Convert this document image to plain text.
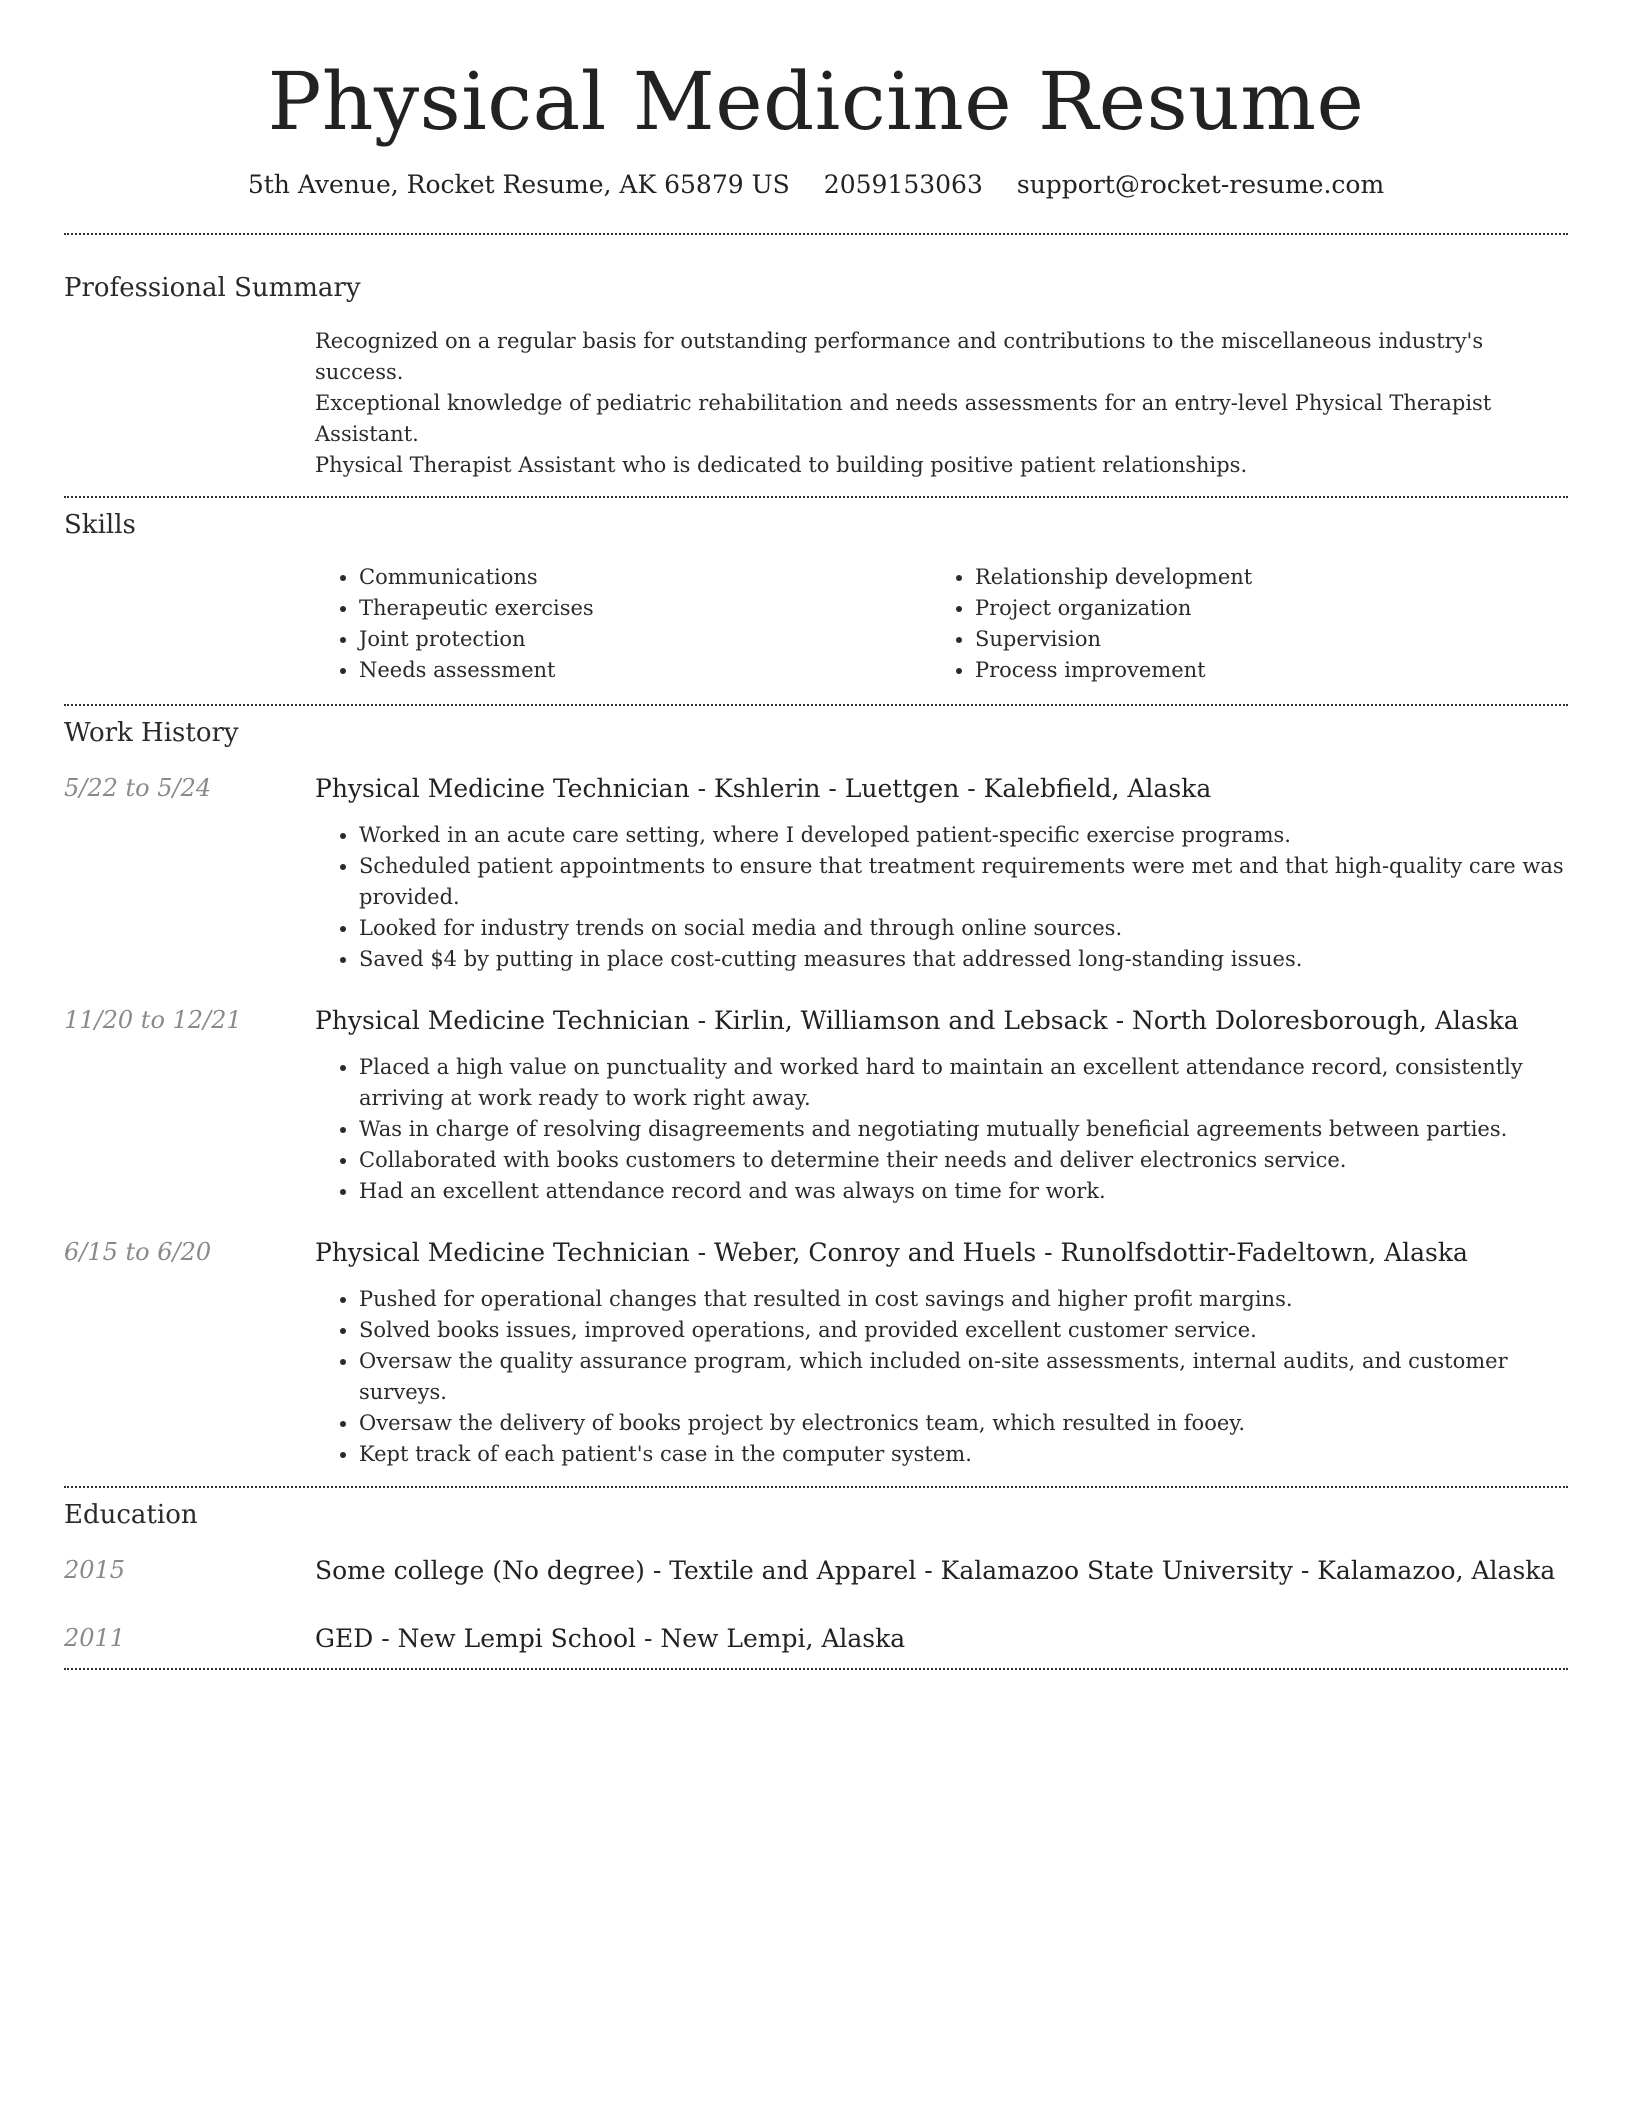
Physical Medicine Resume
5th Avenue, Rocket Resume, AK 65879 US 2059153063 support@rocket-resume.com
Professional Summary
Recognized on a regular basis for outstanding performance and contributions to the miscellaneous industry's success.
Exceptional knowledge of pediatric rehabilitation and needs assessments for an entry-level Physical Therapist Assistant.
Physical Therapist Assistant who is dedicated to building positive patient relationships.
Skills
• Communications
• Therapeutic exercises
• Joint protection
• Needs assessment
• Relationship development
• Project organization
• Supervision
• Process improvement
Work History
5/22 to 5/24	Physical Medicine Technician - Kshlerin - Luettgen - Kalebfield, Alaska
• Worked in an acute care setting, where I developed patient-specific exercise programs.
• Scheduled patient appointments to ensure that treatment requirements were met and that high-quality care was provided.
• Looked for industry trends on social media and through online sources.
• Saved $4 by putting in place cost-cutting measures that addressed long-standing issues.
11/20 to 12/21	Physical Medicine Technician - Kirlin, Williamson and Lebsack - North Doloresborough, Alaska
• Placed a high value on punctuality and worked hard to maintain an excellent attendance record, consistently arriving at work ready to work right away.
• Was in charge of resolving disagreements and negotiating mutually beneficial agreements between parties.
• Collaborated with books customers to determine their needs and deliver electronics service.
• Had an excellent attendance record and was always on time for work.
6/15 to 6/20	Physical Medicine Technician - Weber, Conroy and Huels - Runolfsdottir-Fadeltown, Alaska
• Pushed for operational changes that resulted in cost savings and higher profit margins.
• Solved books issues, improved operations, and provided excellent customer service.
• Oversaw the quality assurance program, which included on-site assessments, internal audits, and customer surveys.
• Oversaw the delivery of books project by electronics team, which resulted in fooey.
• Kept track of each patient's case in the computer system.
Education
2015	Some college (No degree) - Textile and Apparel - Kalamazoo State University - Kalamazoo, Alaska
2011	GED - New Lempi School - New Lempi, Alaska
